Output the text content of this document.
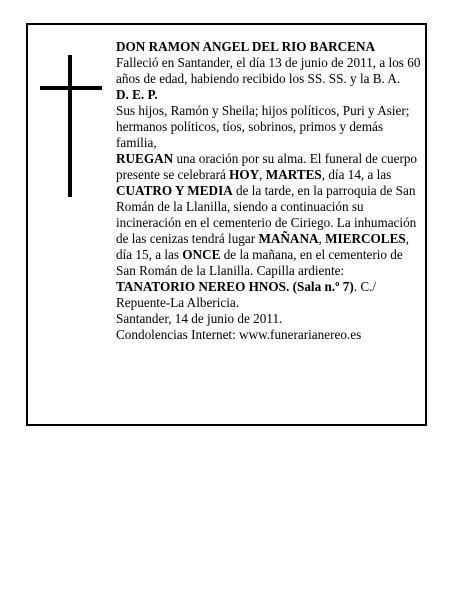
DON RAMON ANGEL DEL RIO BARCENA

Falleció en Santander, el día 13 de junio de 2011, a los 60 años de edad, habiendo recibido los SS. SS. y la B. A.

D. E. P.

Sus hijos, Ramón y Sheila; hijos políticos, Puri y Asier; hermanos políticos, tíos, sobrinos, primos y demás familia,

RUEGAN una oración por su alma. El funeral de cuerpo presente se celebrará HOY, MARTES, día 14, a las CUATRO Y MEDIA de la tarde, en la parroquia de San Román de la Llanilla, siendo a continuación su incineración en el cementerio de Ciriego. La inhumación de las cenizas tendrá lugar MAÑANA, MIERCOLES, día 15, a las ONCE de la mañana, en el cementerio de San Román de la Llanilla. Capilla ardiente: TANATORIO NEREO HNOS. (Sala n.º 7). C./ Repuente-La Albericia.

Santander, 14 de junio de 2011.

Condolencias Internet: www.funerarianereo.es
